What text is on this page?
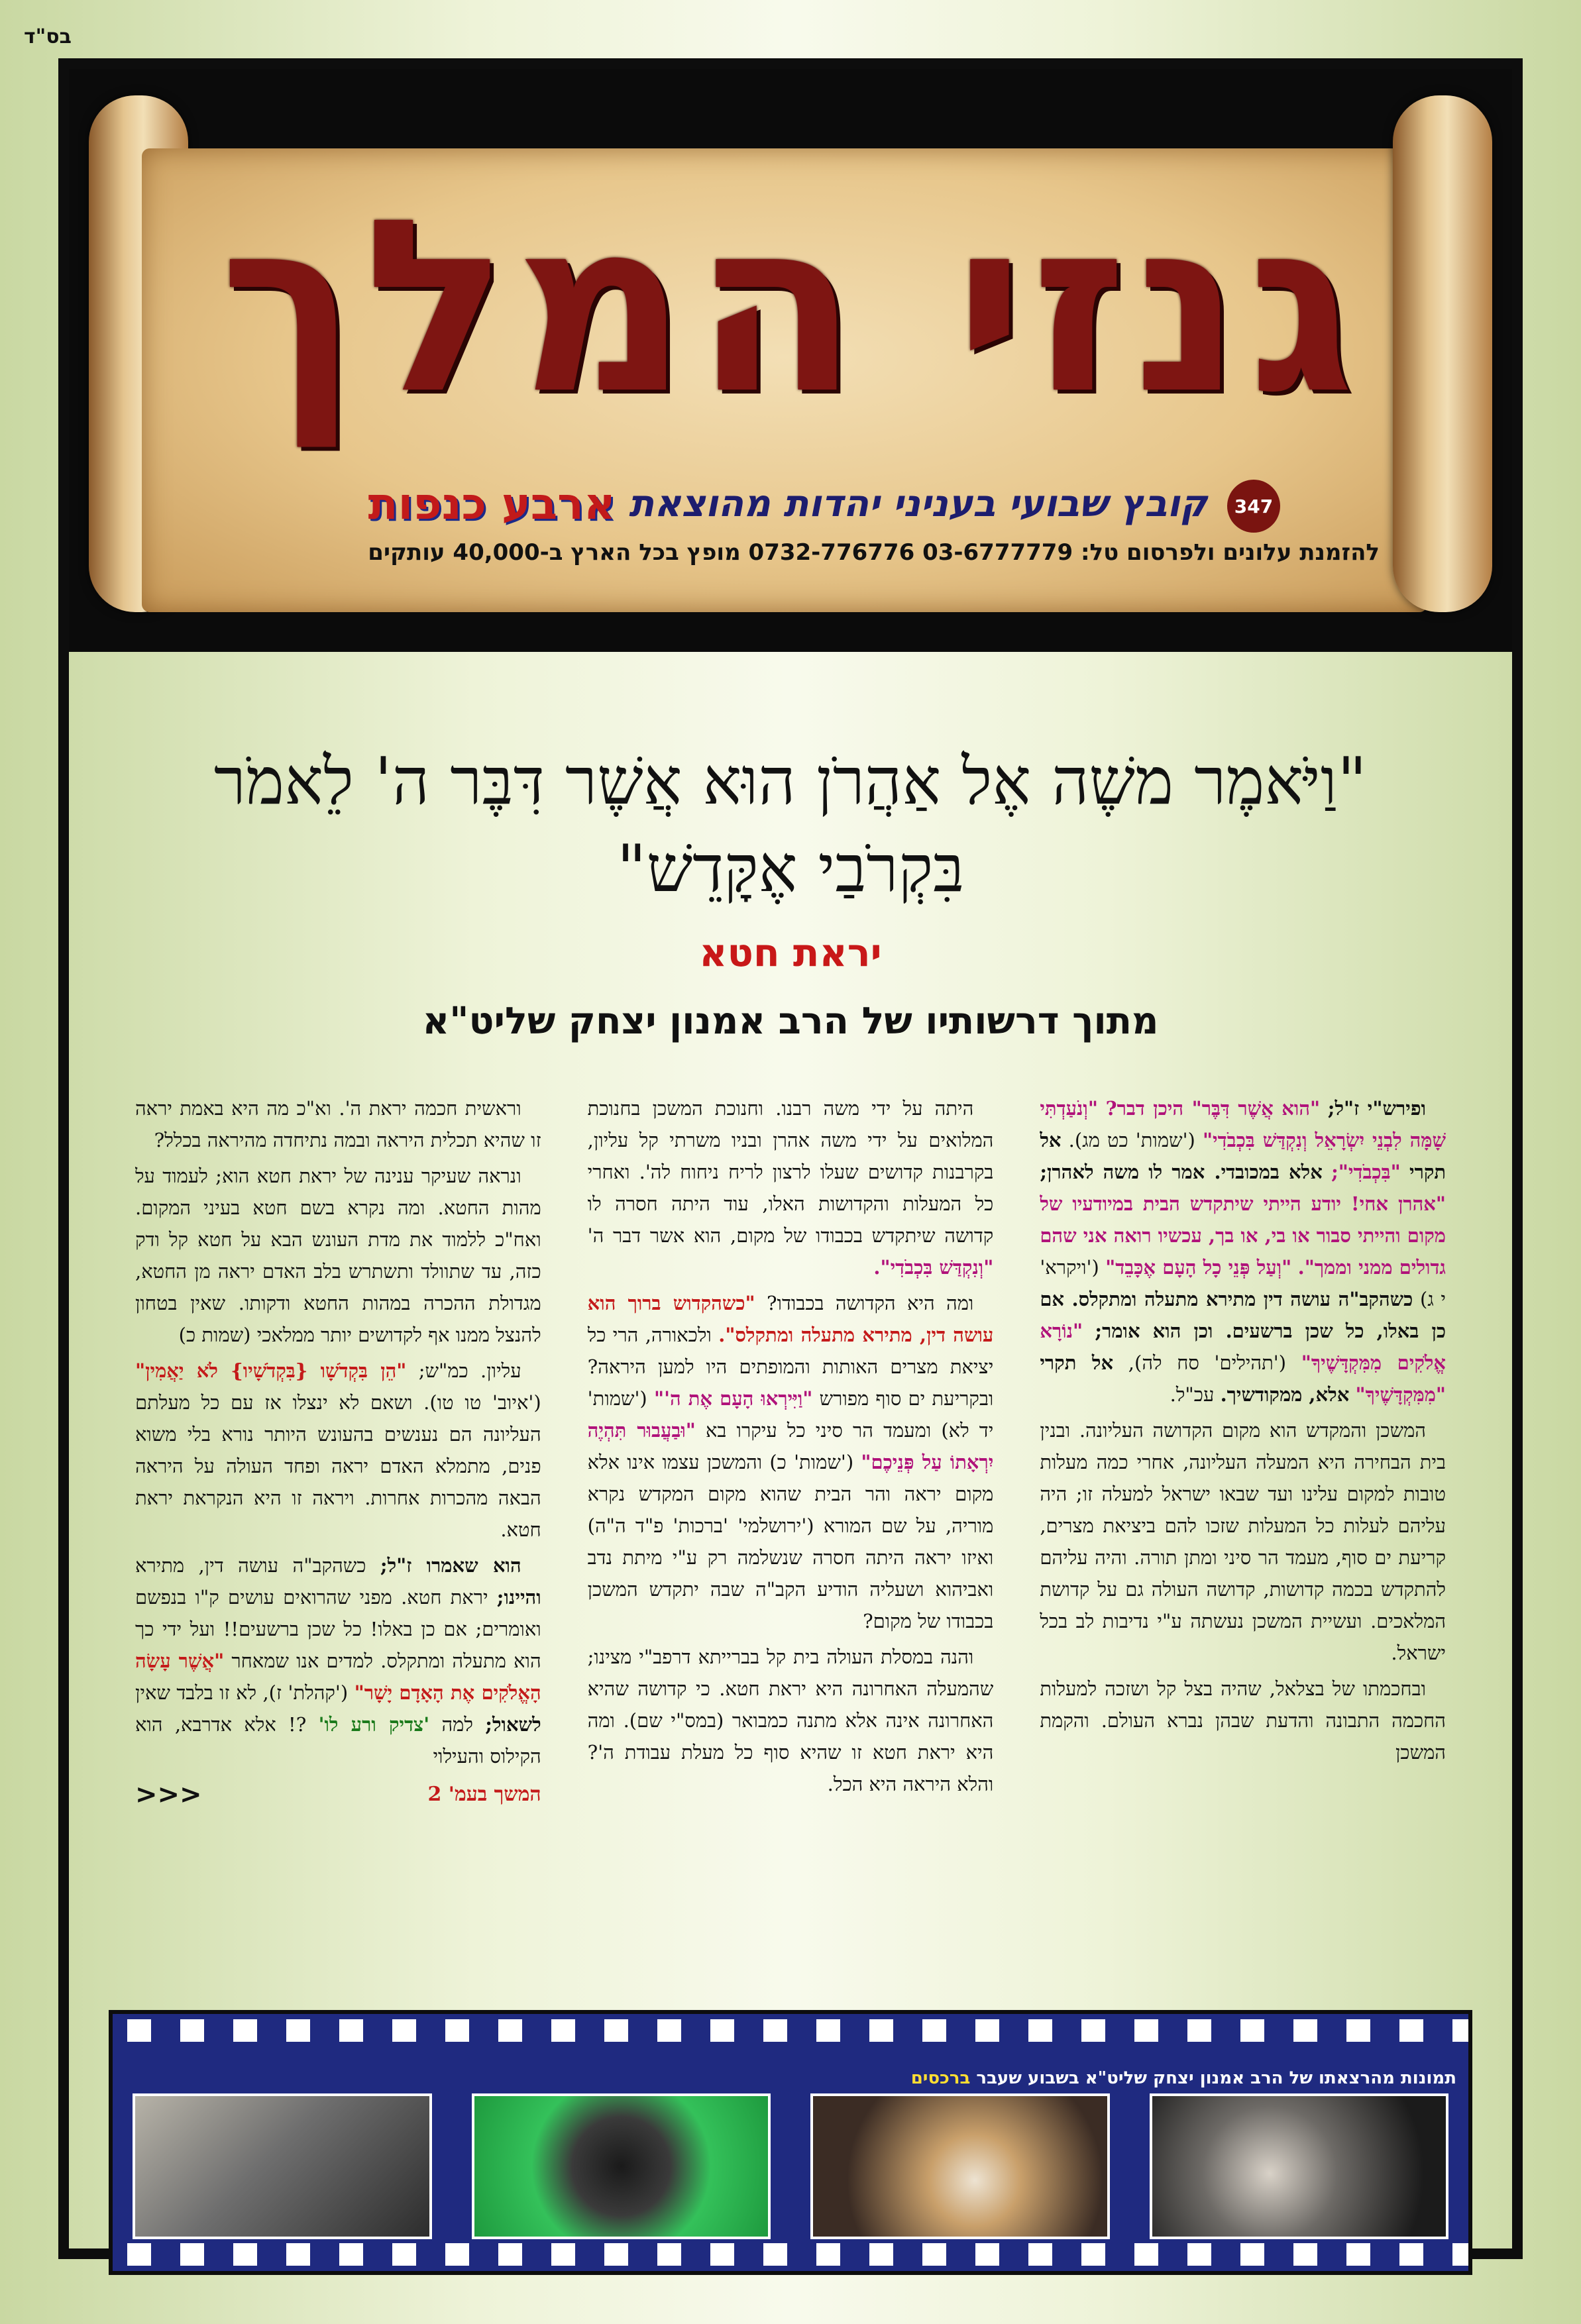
בס"ד
גנזי המלך
347
קובץ שבועי בעניני יהדות מהוצאת
ארבע כנפות
להזמנת עלונים ולפרסום טל: 03-6777779 0732-776776 מופץ בכל הארץ ב-40,000 עותקים
"וַיֹּאמֶר משֶׁה אֶל אַהֲרֹן הוּא אֲשֶׁר דִּבֶּר ה' לֵאמֹר
בִּקְרֹבַי אֶקָּדֵשׁ"
יראת חטא
מתוך דרשותיו של הרב אמנון יצחק שליט"א

ופירש"י ז"ל; "הוא אֲשֶׁר דִּבֶּר" היכן דבר? "וְנֹעַדְתִּי שָׁמָּה לִבְנֵי יִשְׂרָאֵל וְנִקְדַּשׁ בִּכְבֹדִי" ('שמות' כט מג). אל תקרי "בִּכְבֹדִי"; אלא במכובדי. אמר לו משה לאהרן; "אהרן אחי! יודע הייתי שיתקדש הבית במיודעיו של מקום והייתי סבור או בי, או בך, עכשיו רואה אני שהם גדולים ממני וממך". "וְעַל פְּנֵי כָל הָעָם אֶכָּבֵד" ('ויקרא' י ג) כשהקב"ה עושה דין מתירא מתעלה ומתקלס. אם כן באלו, כל שכן ברשעים. וכן הוא אומר; "נוֹרָא אֱלֹקִים מִמִּקְדָּשֶׁיךָ" ('תהילים' סח לה), אל תקרי "מִמִּקְדָּשֶׁיךָ" אלא, ממקודשיך. עכ"ל.

המשכן והמקדש הוא מקום הקדושה העליונה. ובנין בית הבחירה היא המעלה העליונה, אחרי כמה מעלות טובות למקום עלינו ועד שבאו ישראל למעלה זו; היה עליהם לעלות כל המעלות שזכו להם ביציאת מצרים, קריעת ים סוף, מעמד הר סיני ומתן תורה. והיה עליהם להתקדש בכמה קדושות, קדושה העולה גם על קדושת המלאכים. ועשיית המשכן נעשתה ע"י נדיבות לב בכל ישראל.

ובחכמתו של בצלאל, שהיה בצל קל ושזכה למעלות החכמה התבונה והדעת שבהן נברא העולם. והקמת המשכן

היתה על ידי משה רבנו. וחנוכת המשכן בחנוכת המלואים על ידי משה אהרן ובניו משרתי קל עליון, בקרבנות קדושים שעלו לרצון לריח ניחוח לה'. ואחרי כל המעלות והקדושות האלו, עוד היתה חסרה לו קדושה שיתקדש בכבודו של מקום, הוא אשר דבר ה' "וְנִקְדַּשׁ בִּכְבֹדִי".

ומה היא הקדושה בכבודו? "כשהקדוש ברוך הוא עושה דין, מתירא מתעלה ומתקלס". ולכאורה, הרי כל יציאת מצרים האותות והמופתים היו למען היראה? ובקריעת ים סוף מפורש "וַיִּירְאוּ הָעָם אֶת ה'" ('שמות' יד לא) ומעמד הר סיני כל עיקרו בא "וּבַעֲבוּר תִּהְיֶה יִרְאָתוֹ עַל פְּנֵיכֶם" ('שמות' כ) והמשכן עצמו אינו אלא מקום יראה והר הבית שהוא מקום המקדש נקרא מוריה, על שם המורא ('ירושלמי' 'ברכות' פ"ד ה"ה) ואיזו יראה היתה חסרה שנשלמה רק ע"י מיתת נדב ואביהוא ושעליה הודיע הקב"ה שבה יתקדש המשכן בכבודו של מקום?

והנה במסלת העולה בית קל בברייתא דרפב"י מצינו; שהמעלה האחרונה היא יראת חטא. כי קדושה שהיא האחרונה אינה אלא מתנה כמבואר (במס"י שם). ומה היא יראת חטא זו שהיא סוף כל מעלת עבודת ה'? והלא היראה היא הכל.

וראשית חכמה יראת ה'. וא"כ מה היא באמת יראה זו שהיא תכלית היראה ובמה נתיחדה מהיראה בכלל?

ונראה שעיקר ענינה של יראת חטא הוא; לעמוד על מהות החטא. ומה נקרא בשם חטא בעיני המקום. ואח"כ ללמוד את מדת העונש הבא על חטא קל ודק כזה, עד שתוולד ותשתרש בלב האדם יראה מן החטא, מגדולת ההכרה במהות החטא ודקותו. שאין בטחון להנצל ממנו אף לקדושים יותר ממלאכי (שמות כ)

עליון. כמ"ש; "הֵן בִּקְדֹשָׁו {בִּקְדֹשָׁיו} לֹא יַאֲמִין" ('איוב' טו טו). ושאם לא ינצלו אז עם כל מעלתם העליונה הם נענשים בהעונש היותר נורא בלי משוא פנים, מתמלא האדם יראה ופחד העולה על היראה הבאה מהכרות אחרות. ויראה זו היא הנקראת יראת חטא.

הוא שאמרו ז"ל; כשהקב"ה עושה דין, מתירא והיינו; יראת חטא. מפני שהרואים עושים ק"ו בנפשם ואומרים; אם כן באלו! כל שכן ברשעים!! ועל ידי כך הוא מתעלה ומתקלס. למדים אנו שמאחר "אֲשֶׁר עָשָׂה הָאֱלֹקִים אֶת הָאָדָם יָשָׁר" ('קהלת' ז), לא זו בלבד שאין לשאול; למה 'צדיק ורע לו' ?! אלא אדרבא, הוא הקילוס והעילוי

המשך בעמ' 2
<<<
תמונות מהרצאתו של הרב אמנון יצחק שליט"א בשבוע שעבר ברכסים
